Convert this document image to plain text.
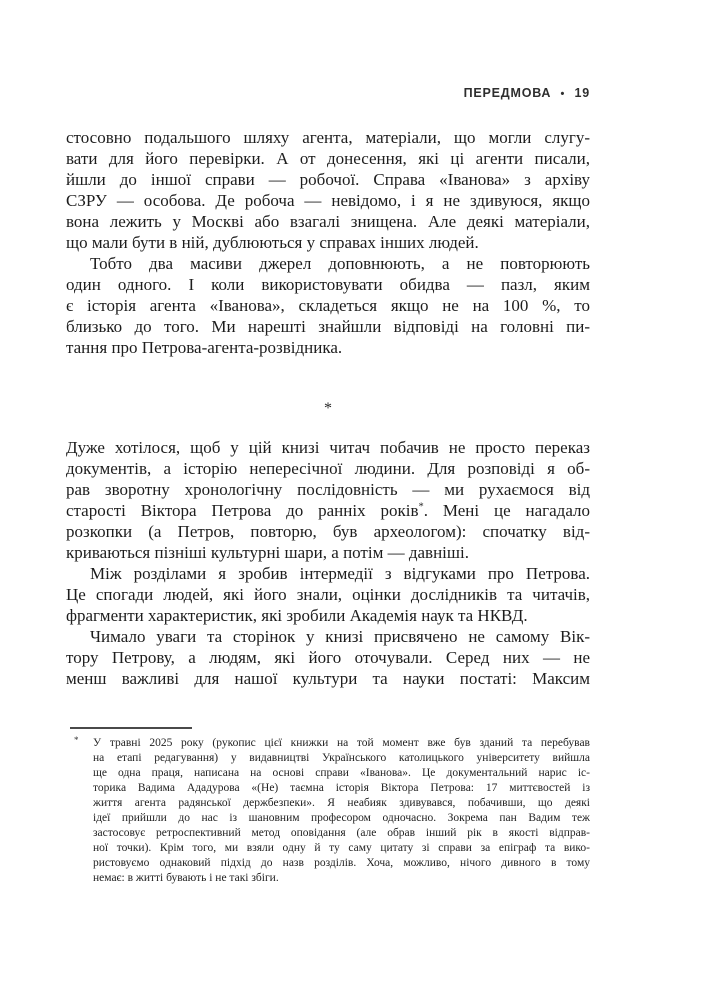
ПЕРЕДМОВА • 19
стосовно подальшого шляху агента, матеріали, що могли слугу-
вати для його перевірки. А от донесення, які ці агенти писали,
йшли до іншої справи — робочої. Справа «Іванова» з архіву
СЗРУ — особова. Де робоча — невідомо, і я не здивуюся, якщо
вона лежить у Москві або взагалі знищена. Але деякі матеріали,
що мали бути в ній, дублюються у справах інших людей.
Тобто два масиви джерел доповнюють, а не повторюють
один одного. І коли використовувати обидва — пазл, яким
є історія агента «Іванова», складеться якщо не на 100 %, то
близько до того. Ми нарешті знайшли відповіді на головні пи-
тання про Петрова-агента-розвідника.
*
Дуже хотілося, щоб у цій книзі читач побачив не просто переказ
документів, а історію непересічної людини. Для розповіді я об-
рав зворотну хронологічну послідовність — ми рухаємося від
старості Віктора Петрова до ранніх років*. Мені це нагадало
розкопки (а Петров, повторю, був археологом): спочатку від-
криваються пізніші культурні шари, а потім — давніші.
Між розділами я зробив інтермедії з відгуками про Петрова.
Це спогади людей, які його знали, оцінки дослідників та читачів,
фрагменти характеристик, які зробили Академія наук та НКВД.
Чимало уваги та сторінок у книзі присвячено не самому Вік-
тору Петрову, а людям, які його оточували. Серед них — не
менш важливі для нашої культури та науки постаті: Максим
* У травні 2025 року (рукопис цієї книжки на той момент вже був зданий та перебував
на етапі редагування) у видавництві Українського католицького університету вийшла
ще одна праця, написана на основі справи «Іванова». Це документальний нарис іс-
торика Вадима Ададурова «(Не) таємна історія Віктора Петрова: 17 миттєвостей із
життя агента радянської держбезпеки». Я неабияк здивувався, побачивши, що деякі
ідеї прийшли до нас із шановним професором одночасно. Зокрема пан Вадим теж
застосовує ретроспективний метод оповідання (але обрав інший рік в якості відправ-
ної точки). Крім того, ми взяли одну й ту саму цитату зі справи за епіграф та вико-
ристовуємо однаковий підхід до назв розділів. Хоча, можливо, нічого дивного в тому
немає: в житті бувають і не такі збіги.
